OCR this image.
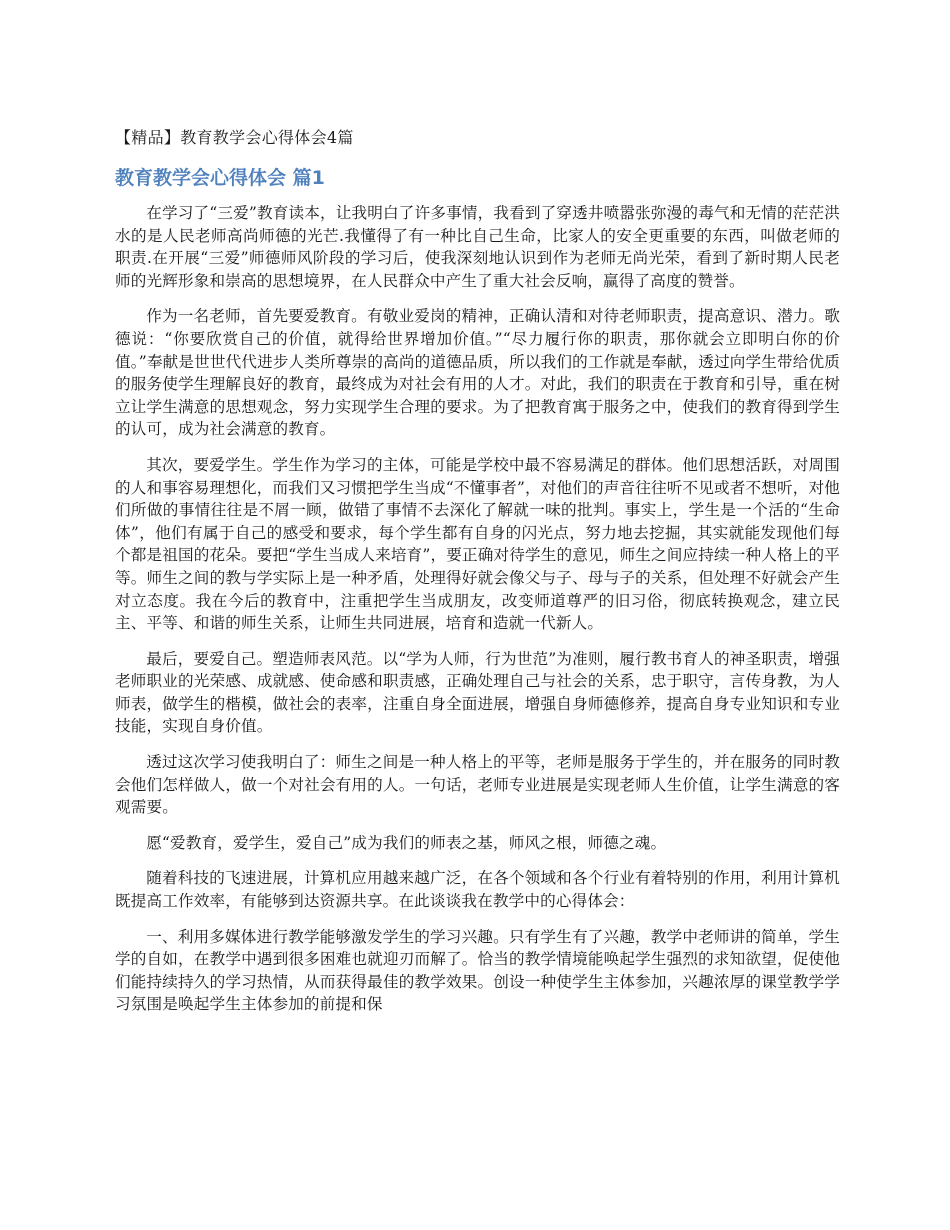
【精品】教育教学会心得体会4篇
教育教学会心得体会 篇1

在学习了“三爱”教育读本，让我明白了许多事情，我看到了穿透井喷嚣张弥漫的毒气和无情的茫茫洪水的是人民老师高尚师德的光芒.我懂得了有一种比自己生命，比家人的安全更重要的东西，叫做老师的职责.在开展“三爱”师德师风阶段的学习后，使我深刻地认识到作为老师无尚光荣，看到了新时期人民老师的光辉形象和崇高的思想境界，在人民群众中产生了重大社会反响，赢得了高度的赞誉。

作为一名老师，首先要爱教育。有敬业爱岗的精神，正确认清和对待老师职责，提高意识、潜力。歌德说：“你要欣赏自己的价值，就得给世界增加价值。”“尽力履行你的职责，那你就会立即明白你的价值。”奉献是世世代代进步人类所尊崇的高尚的道德品质，所以我们的工作就是奉献，透过向学生带给优质的服务使学生理解良好的教育，最终成为对社会有用的人才。对此，我们的职责在于教育和引导，重在树立让学生满意的思想观念，努力实现学生合理的要求。为了把教育寓于服务之中，使我们的教育得到学生的认可，成为社会满意的教育。

其次，要爱学生。学生作为学习的主体，可能是学校中最不容易满足的群体。他们思想活跃，对周围的人和事容易理想化，而我们又习惯把学生当成“不懂事者”，对他们的声音往往听不见或者不想听，对他们所做的事情往往是不屑一顾，做错了事情不去深化了解就一味的批判。事实上，学生是一个活的“生命体”，他们有属于自己的感受和要求，每个学生都有自身的闪光点，努力地去挖掘，其实就能发现他们每个都是祖国的花朵。要把“学生当成人来培育”，要正确对待学生的意见，师生之间应持续一种人格上的平等。师生之间的教与学实际上是一种矛盾，处理得好就会像父与子、母与子的关系，但处理不好就会产生对立态度。我在今后的教育中，注重把学生当成朋友，改变师道尊严的旧习俗，彻底转换观念，建立民主、平等、和谐的师生关系，让师生共同进展，培育和造就一代新人。

最后，要爱自己。塑造师表风范。以“学为人师，行为世范”为准则，履行教书育人的神圣职责，增强老师职业的光荣感、成就感、使命感和职责感，正确处理自己与社会的关系，忠于职守，言传身教，为人师表，做学生的楷模，做社会的表率，注重自身全面进展，增强自身师德修养，提高自身专业知识和专业技能，实现自身价值。

透过这次学习使我明白了：师生之间是一种人格上的平等，老师是服务于学生的，并在服务的同时教会他们怎样做人，做一个对社会有用的人。一句话，老师专业进展是实现老师人生价值，让学生满意的客观需要。

愿“爱教育，爱学生，爱自己”成为我们的师表之基，师风之根，师德之魂。

随着科技的飞速进展，计算机应用越来越广泛，在各个领域和各个行业有着特别的作用，利用计算机既提高工作效率，有能够到达资源共享。在此谈谈我在教学中的心得体会：

一、利用多媒体进行教学能够激发学生的学习兴趣。只有学生有了兴趣，教学中老师讲的简单，学生学的自如，在教学中遇到很多困难也就迎刃而解了。恰当的教学情境能唤起学生强烈的求知欲望，促使他们能持续持久的学习热情，从而获得最佳的教学效果。创设一种使学生主体参加，兴趣浓厚的课堂教学学习氛围是唤起学生主体参加的前提和保
